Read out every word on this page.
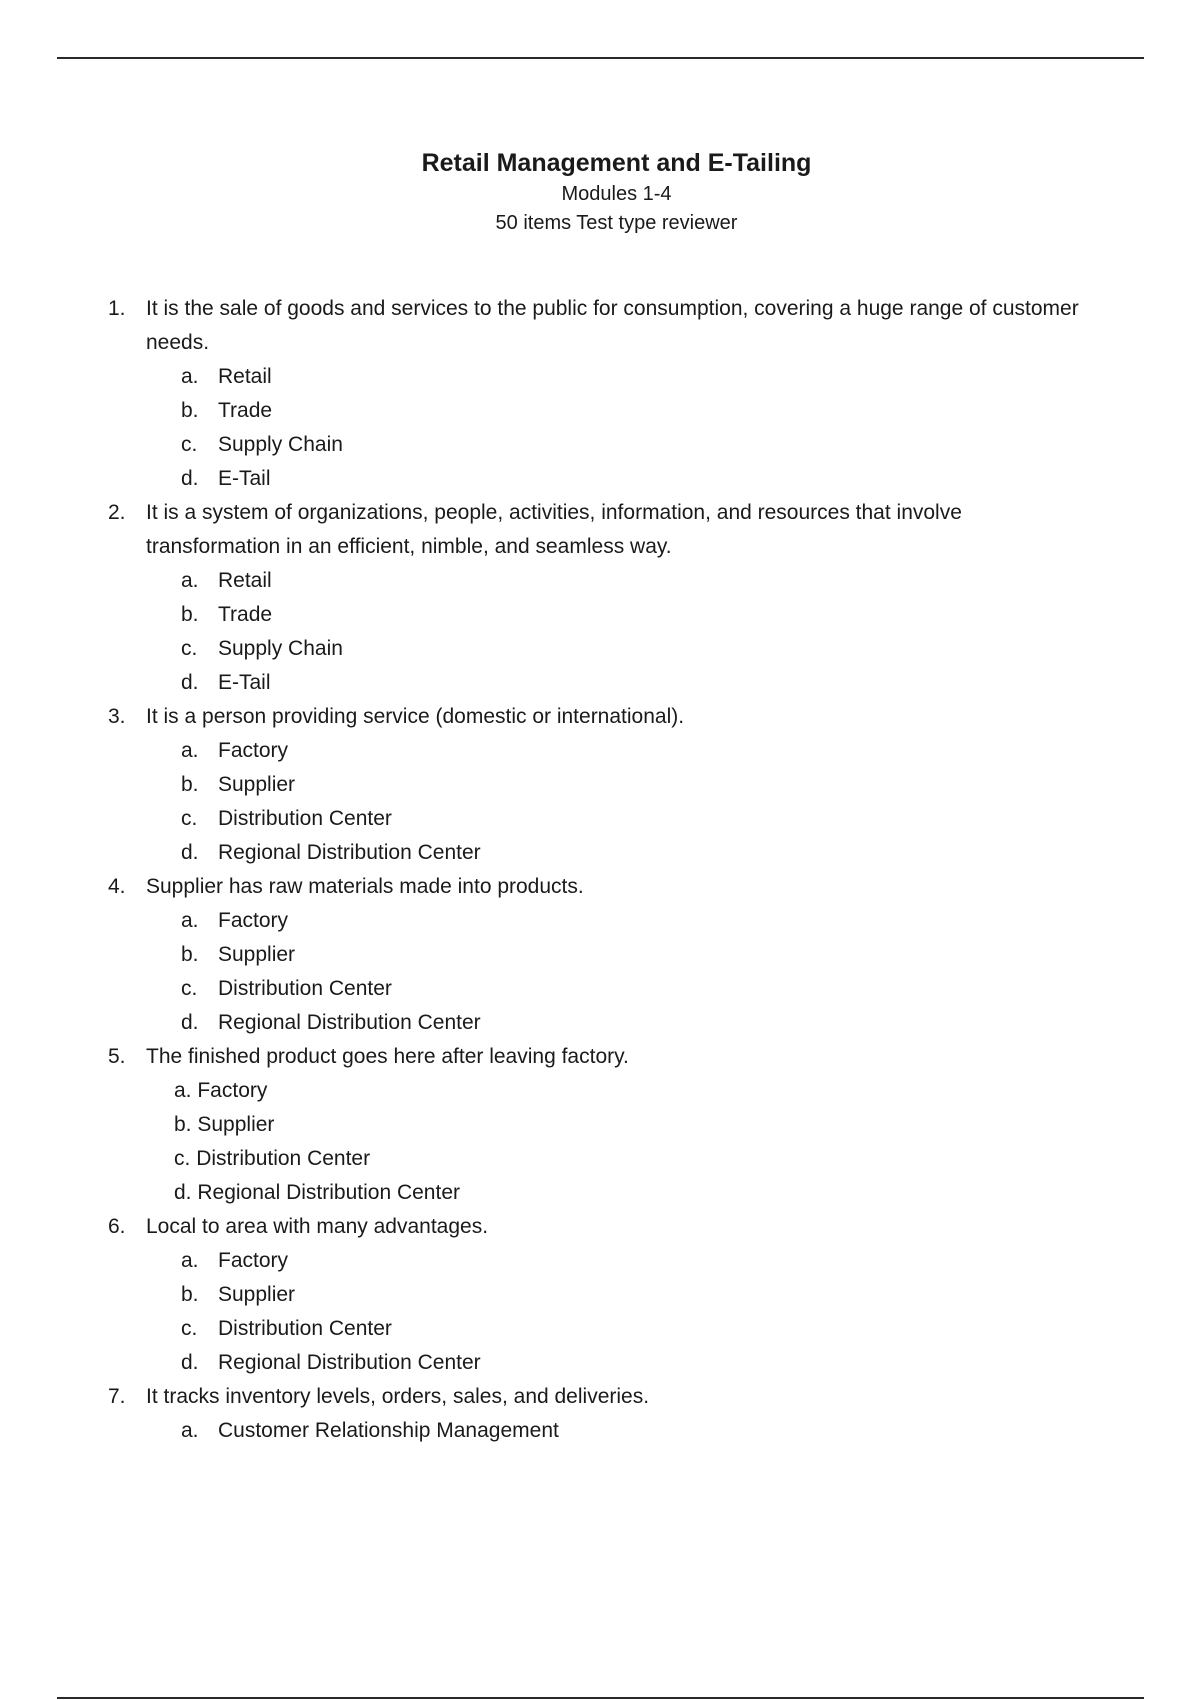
Retail Management and E-Tailing

Modules 1-4

50 items Test type reviewer

1. It is the sale of goods and services to the public for consumption, covering a huge range of customer needs.
a. Retail
b. Trade
c. Supply Chain
d. E-Tail
2. It is a system of organizations, people, activities, information, and resources that involve transformation in an efficient, nimble, and seamless way.
a. Retail
b. Trade
c. Supply Chain
d. E-Tail
3. It is a person providing service (domestic or international).
a. Factory
b. Supplier
c. Distribution Center
d. Regional Distribution Center
4. Supplier has raw materials made into products.
a. Factory
b. Supplier
c. Distribution Center
d. Regional Distribution Center
5. The finished product goes here after leaving factory.
a. Factory
b. Supplier
c. Distribution Center
d. Regional Distribution Center
6. Local to area with many advantages.
a. Factory
b. Supplier
c. Distribution Center
d. Regional Distribution Center
7. It tracks inventory levels, orders, sales, and deliveries.
a. Customer Relationship Management
